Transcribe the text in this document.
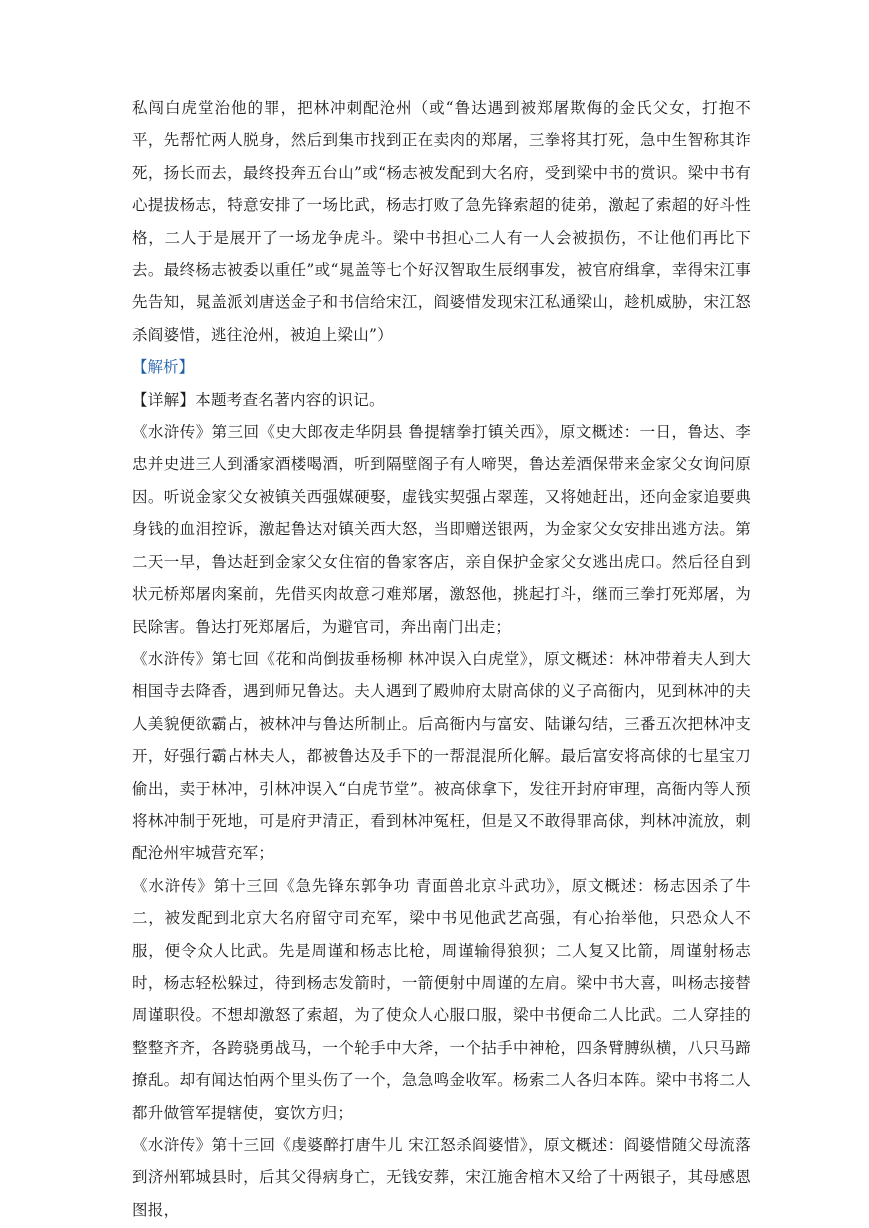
私闯白虎堂治他的罪，把林冲刺配沧州（或“鲁达遇到被郑屠欺侮的金氏父女，打抱不平，先帮忙两人脱身，然后到集市找到正在卖肉的郑屠，三拳将其打死，急中生智称其诈死，扬长而去，最终投奔五台山”或“杨志被发配到大名府，受到梁中书的赏识。梁中书有心提拔杨志，特意安排了一场比武，杨志打败了急先锋索超的徒弟，激起了索超的好斗性格，二人于是展开了一场龙争虎斗。梁中书担心二人有一人会被损伤，不让他们再比下去。最终杨志被委以重任”或“晁盖等七个好汉智取生辰纲事发，被官府缉拿，幸得宋江事先告知，晁盖派刘唐送金子和书信给宋江，阎婆惜发现宋江私通梁山，趁机威胁，宋江怒杀阎婆惜，逃往沧州，被迫上梁山”）

【解析】

【详解】本题考查名著内容的识记。

《水浒传》第三回《史大郎夜走华阴县 鲁提辖拳打镇关西》，原文概述：一日，鲁达、李忠并史进三人到潘家酒楼喝酒，听到隔壁阁子有人啼哭，鲁达差酒保带来金家父女询问原因。听说金家父女被镇关西强媒硬娶，虚钱实契强占翠莲，又将她赶出，还向金家追要典身钱的血泪控诉，激起鲁达对镇关西大怒，当即赠送银两，为金家父女安排出逃方法。第二天一早，鲁达赶到金家父女住宿的鲁家客店，亲自保护金家父女逃出虎口。然后径自到状元桥郑屠肉案前，先借买肉故意刁难郑屠，激怒他，挑起打斗，继而三拳打死郑屠，为民除害。鲁达打死郑屠后，为避官司，奔出南门出走；

《水浒传》第七回《花和尚倒拔垂杨柳 林冲误入白虎堂》，原文概述：林冲带着夫人到大相国寺去降香，遇到师兄鲁达。夫人遇到了殿帅府太尉高俅的义子高衙内，见到林冲的夫人美貌便欲霸占，被林冲与鲁达所制止。后高衙内与富安、陆谦勾结，三番五次把林冲支开，好强行霸占林夫人，都被鲁达及手下的一帮混混所化解。最后富安将高俅的七星宝刀偷出，卖于林冲，引林冲误入“白虎节堂”。被高俅拿下，发往开封府审理，高衙内等人预将林冲制于死地，可是府尹清正，看到林冲冤枉，但是又不敢得罪高俅，判林冲流放，刺配沧州牢城营充军；

《水浒传》第十三回《急先锋东郭争功 青面兽北京斗武功》，原文概述：杨志因杀了牛二，被发配到北京大名府留守司充军，梁中书见他武艺高强，有心抬举他，只恐众人不服，便令众人比武。先是周谨和杨志比枪，周谨输得狼狈；二人复又比箭，周谨射杨志时，杨志轻松躲过，待到杨志发箭时，一箭便射中周谨的左肩。梁中书大喜，叫杨志接替周谨职役。不想却激怒了索超，为了使众人心服口服，梁中书便命二人比武。二人穿挂的整整齐齐，各跨骁勇战马，一个轮手中大斧，一个拈手中神枪，四条臂膊纵横，八只马蹄撩乱。却有闻达怕两个里头伤了一个，急急鸣金收军。杨索二人各归本阵。梁中书将二人都升做管军提辖使，宴饮方归；

《水浒传》第十三回《虔婆醉打唐牛儿 宋江怒杀阎婆惜》，原文概述：阎婆惜随父母流落到济州郓城县时，后其父得病身亡，无钱安葬，宋江施舍棺木又给了十两银子，其母感恩图报，
